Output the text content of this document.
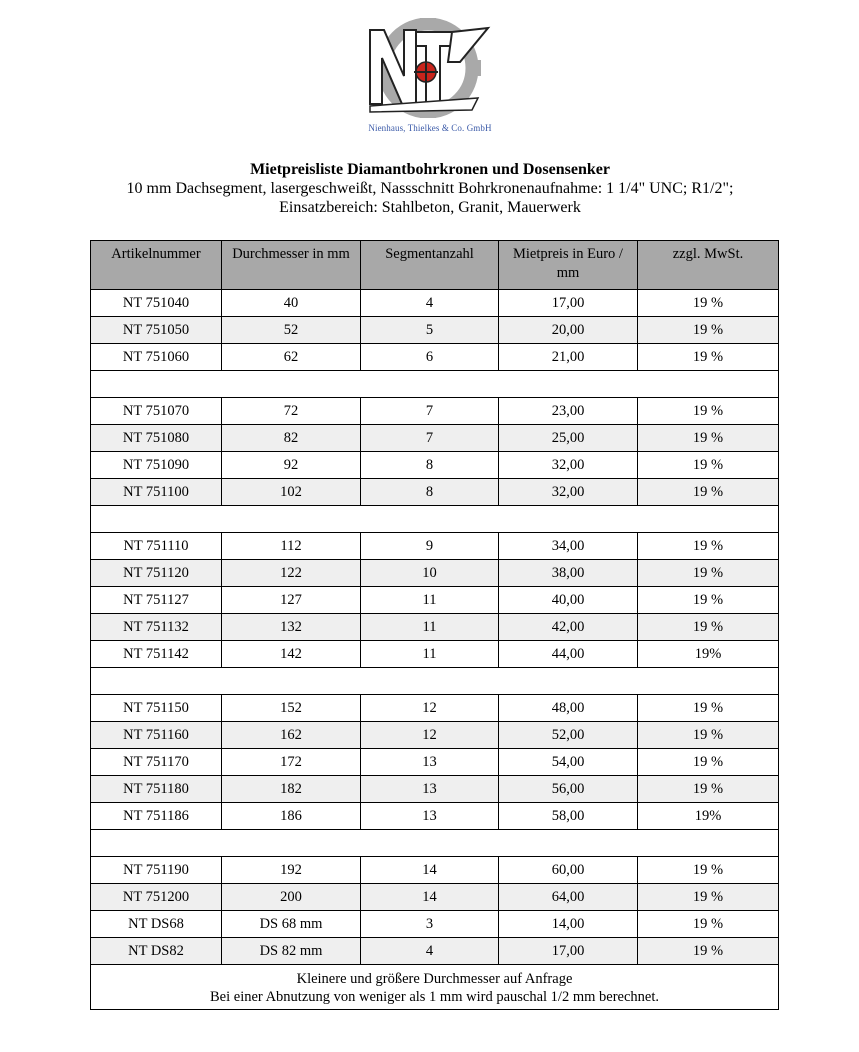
Nienhaus, Thielkes & Co. GmbH
Mietpreisliste Diamantbohrkronen und Dosensenker
10 mm Dachsegment, lasergeschweißt, Nassschnitt Bohrkronenaufnahme: 1 1/4" UNC; R1/2";
Einsatzbereich: Stahlbeton, Granit, Mauerwerk
Artikelnummer	Durchmesser in mm	Segmentanzahl	Mietpreis in Euro / mm	zzgl. MwSt.
NT 751040	40	4	17,00	19 %
NT 751050	52	5	20,00	19 %
NT 751060	62	6	21,00	19 %

NT 751070	72	7	23,00	19 %
NT 751080	82	7	25,00	19 %
NT 751090	92	8	32,00	19 %
NT 751100	102	8	32,00	19 %

NT 751110	112	9	34,00	19 %
NT 751120	122	10	38,00	19 %
NT 751127	127	11	40,00	19 %
NT 751132	132	11	42,00	19 %
NT 751142	142	11	44,00	19%

NT 751150	152	12	48,00	19 %
NT 751160	162	12	52,00	19 %
NT 751170	172	13	54,00	19 %
NT 751180	182	13	56,00	19 %
NT 751186	186	13	58,00	19%

NT 751190	192	14	60,00	19 %
NT 751200	200	14	64,00	19 %
NT DS68	DS 68 mm	3	14,00	19 %
NT DS82	DS 82 mm	4	17,00	19 %

Kleinere und größere Durchmesser auf Anfrage
Bei einer Abnutzung von weniger als 1 mm wird pauschal 1/2 mm berechnet.				
